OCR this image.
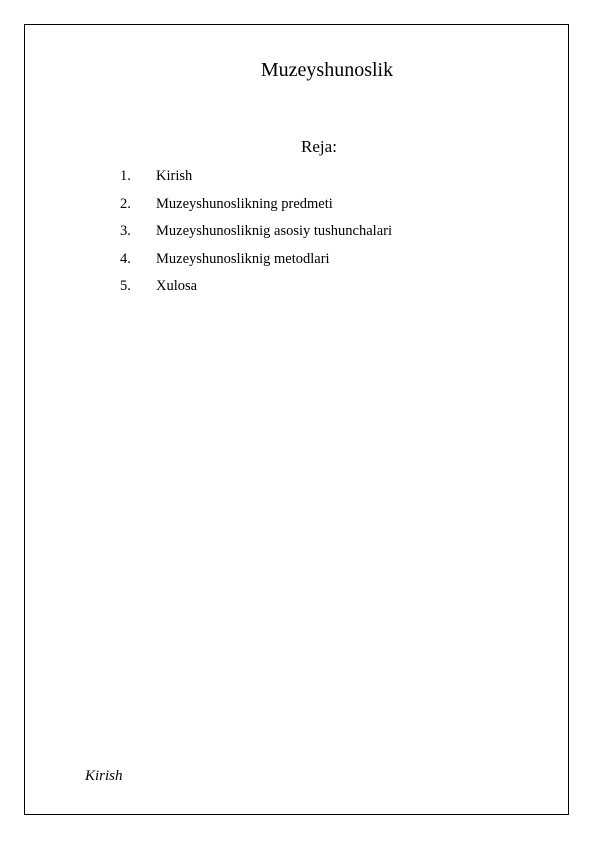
Muzeyshunoslik
Reja:
1. Kirish
2. Muzeyshunoslikning predmeti
3. Muzeyshunosliknig asosiy tushunchalari
4. Muzeyshunosliknig metodlari
5. Xulosa
Kirish
